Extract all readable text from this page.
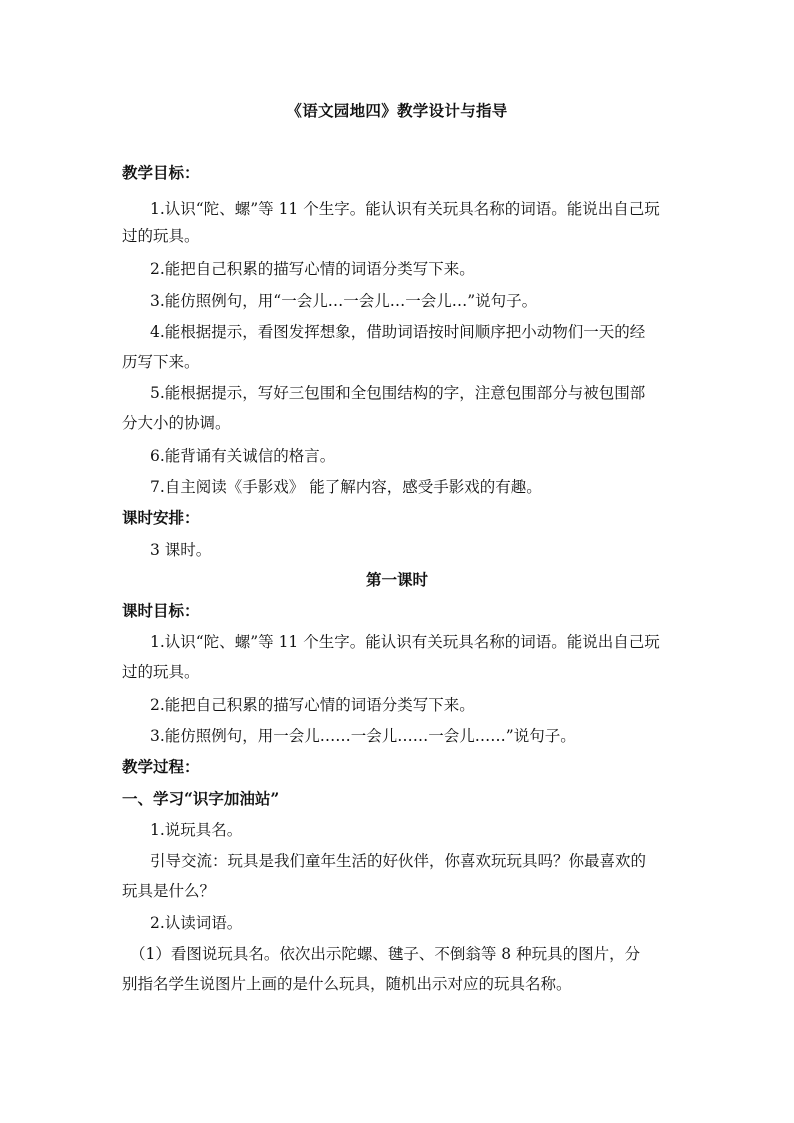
《语文园地四》教学设计与指导
教学目标：
1.认识“陀、螺”等 11 个生字。能认识有关玩具名称的词语。能说出自己玩
过的玩具。
2.能把自己积累的描写心情的词语分类写下来。
3.能仿照例句，用“一会儿…一会儿…一会儿…”说句子。
4.能根据提示，看图发挥想象，借助词语按时间顺序把小动物们一天的经
历写下来。
5.能根据提示，写好三包围和全包围结构的字，注意包围部分与被包围部
分大小的协调。
6.能背诵有关诚信的格言。
7.自主阅读《手影戏》 能了解内容，感受手影戏的有趣。
课时安排：
3 课时。
第一课时
课时目标：
1.认识“陀、螺”等 11 个生字。能认识有关玩具名称的词语。能说出自己玩
过的玩具。
2.能把自己积累的描写心情的词语分类写下来。
3.能仿照例句，用一会儿……一会儿……一会儿……”说句子。
教学过程：
一、学习“识字加油站”
1.说玩具名。
引导交流：玩具是我们童年生活的好伙伴，你喜欢玩玩具吗？你最喜欢的
玩具是什么？
2.认读词语。
（1）看图说玩具名。依次出示陀螺、毽子、不倒翁等 8 种玩具的图片，分
别指名学生说图片上画的是什么玩具，随机出示对应的玩具名称。
